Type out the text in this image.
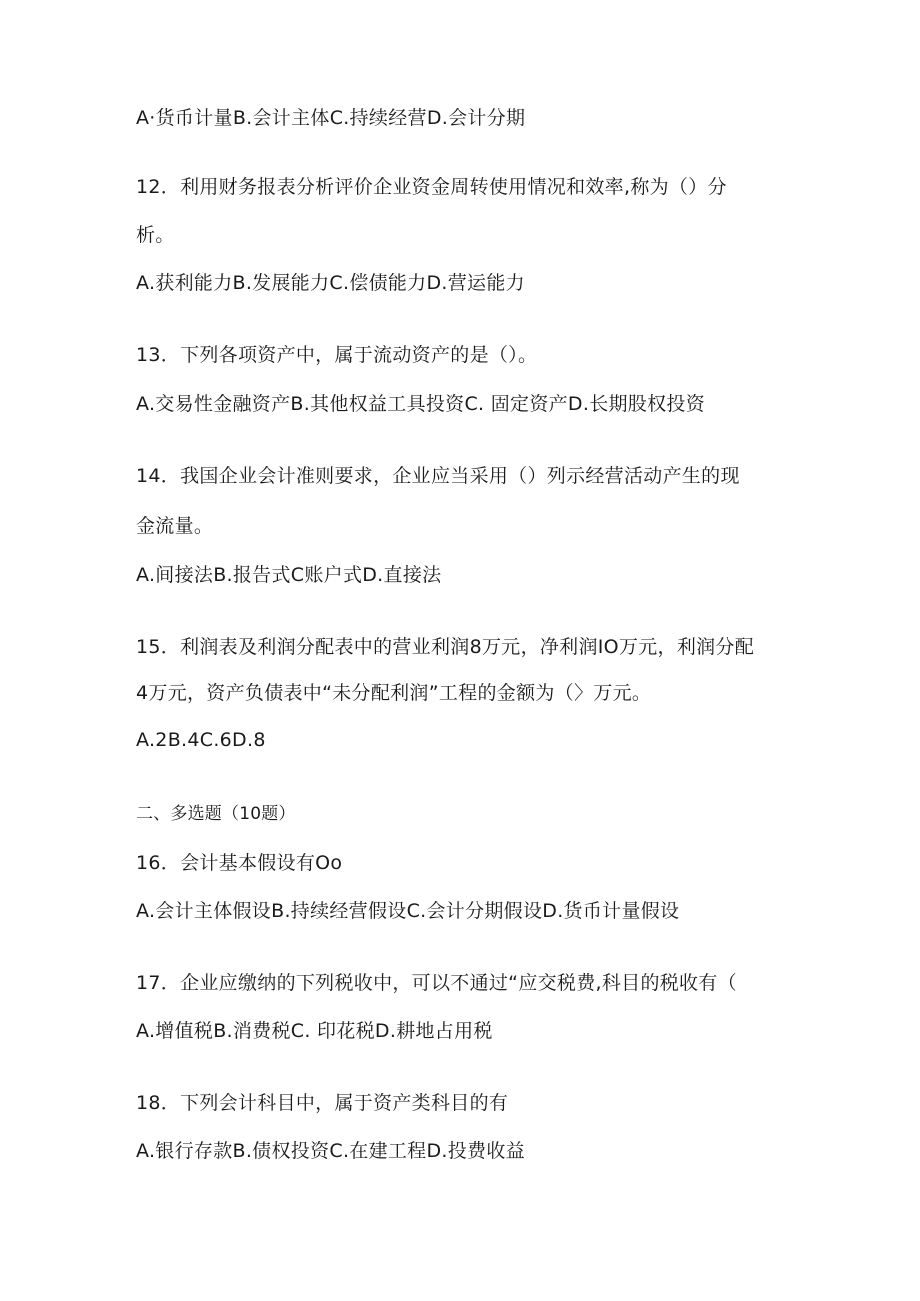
A·货币计量B.会计主体C.持续经营D.会计分期

12．利用财务报表分析评价企业资金周转使用情况和效率,称为（）分

析。

A.获利能力B.发展能力C.偿债能力D.营运能力

13．下列各项资产中，属于流动资产的是（）。

A.交易性金融资产B.其他权益工具投资C. 固定资产D.长期股权投资

14．我国企业会计准则要求，企业应当采用（）列示经营活动产生的现

金流量。

A.间接法B.报告式C账户式D.直接法

15．利润表及利润分配表中的营业利润8万元，净利润IO万元，利润分配

4万元，资产负债表中“未分配利润”工程的金额为（〉万元。

A.2B.4C.6D.8

二、多选题（10题）

16．会计基本假设有Oo

A.会计主体假设B.持续经营假设C.会计分期假设D.货币计量假设

17．企业应缴纳的下列税收中，可以不通过“应交税费,科目的税收有（

A.增值税B.消费税C. 印花税D.耕地占用税

18．下列会计科目中，属于资产类科目的有

A.银行存款B.债权投资C.在建工程D.投费收益
